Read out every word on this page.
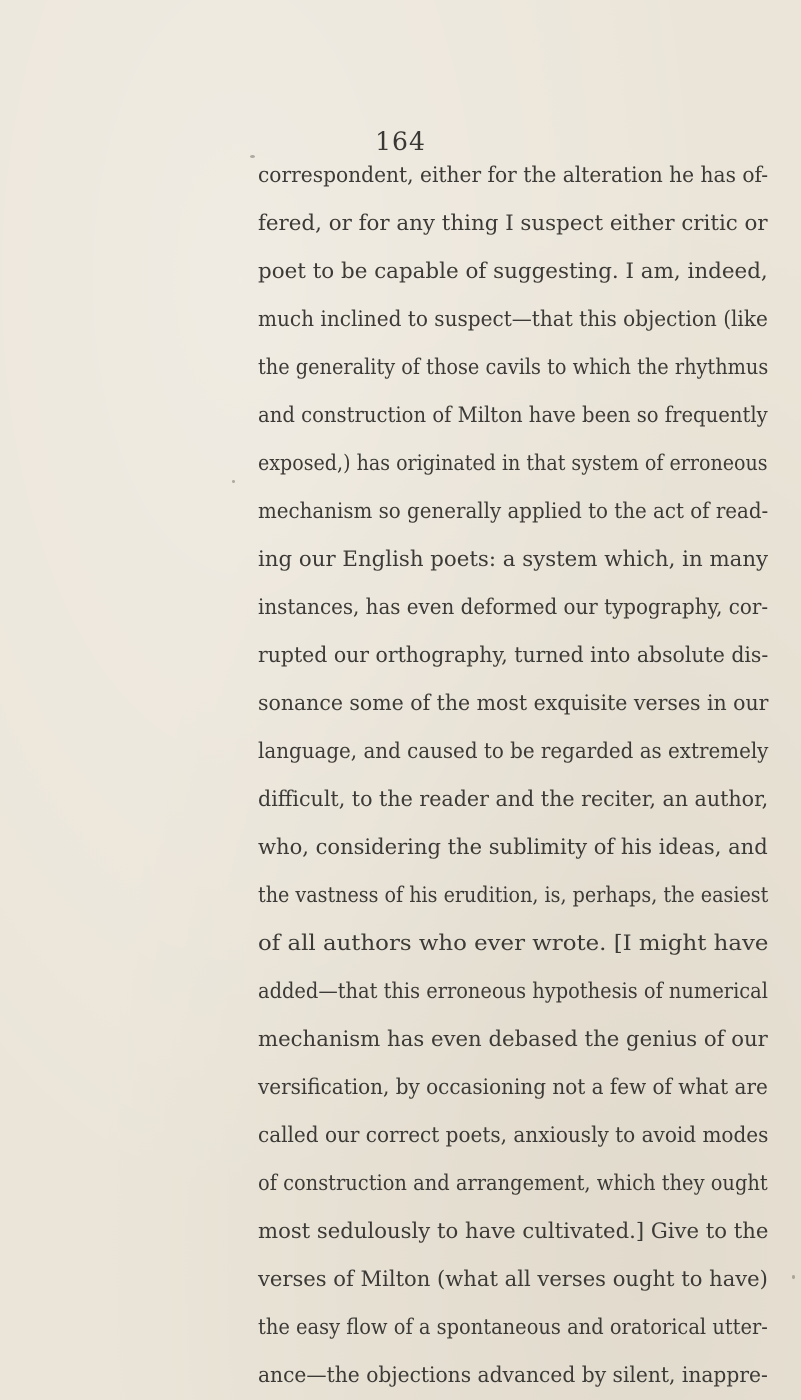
164
correspondent, either for the alteration he has of-
fered, or for any thing I suspect either critic or
poet to be capable of suggesting. I am, indeed,
much inclined to suspect—that this objection (like
the generality of those cavils to which the rhythmus
and construction of Milton have been so frequently
exposed,) has originated in that system of erroneous
mechanism so generally applied to the act of read-
ing our English poets: a system which, in many
instances, has even deformed our typography, cor-
rupted our orthography, turned into absolute dis-
sonance some of the most exquisite verses in our
language, and caused to be regarded as extremely
difficult, to the reader and the reciter, an author,
who, considering the sublimity of his ideas, and
the vastness of his erudition, is, perhaps, the easiest
of all authors who ever wrote. [I might have
added—that this erroneous hypothesis of numerical
mechanism has even debased the genius of our
versification, by occasioning not a few of what are
called our correct poets, anxiously to avoid modes
of construction and arrangement, which they ought
most sedulously to have cultivated.] Give to the
verses of Milton (what all verses ought to have)
the easy flow of a spontaneous and oratorical utter-
ance—the objections advanced by silent, inappre-
